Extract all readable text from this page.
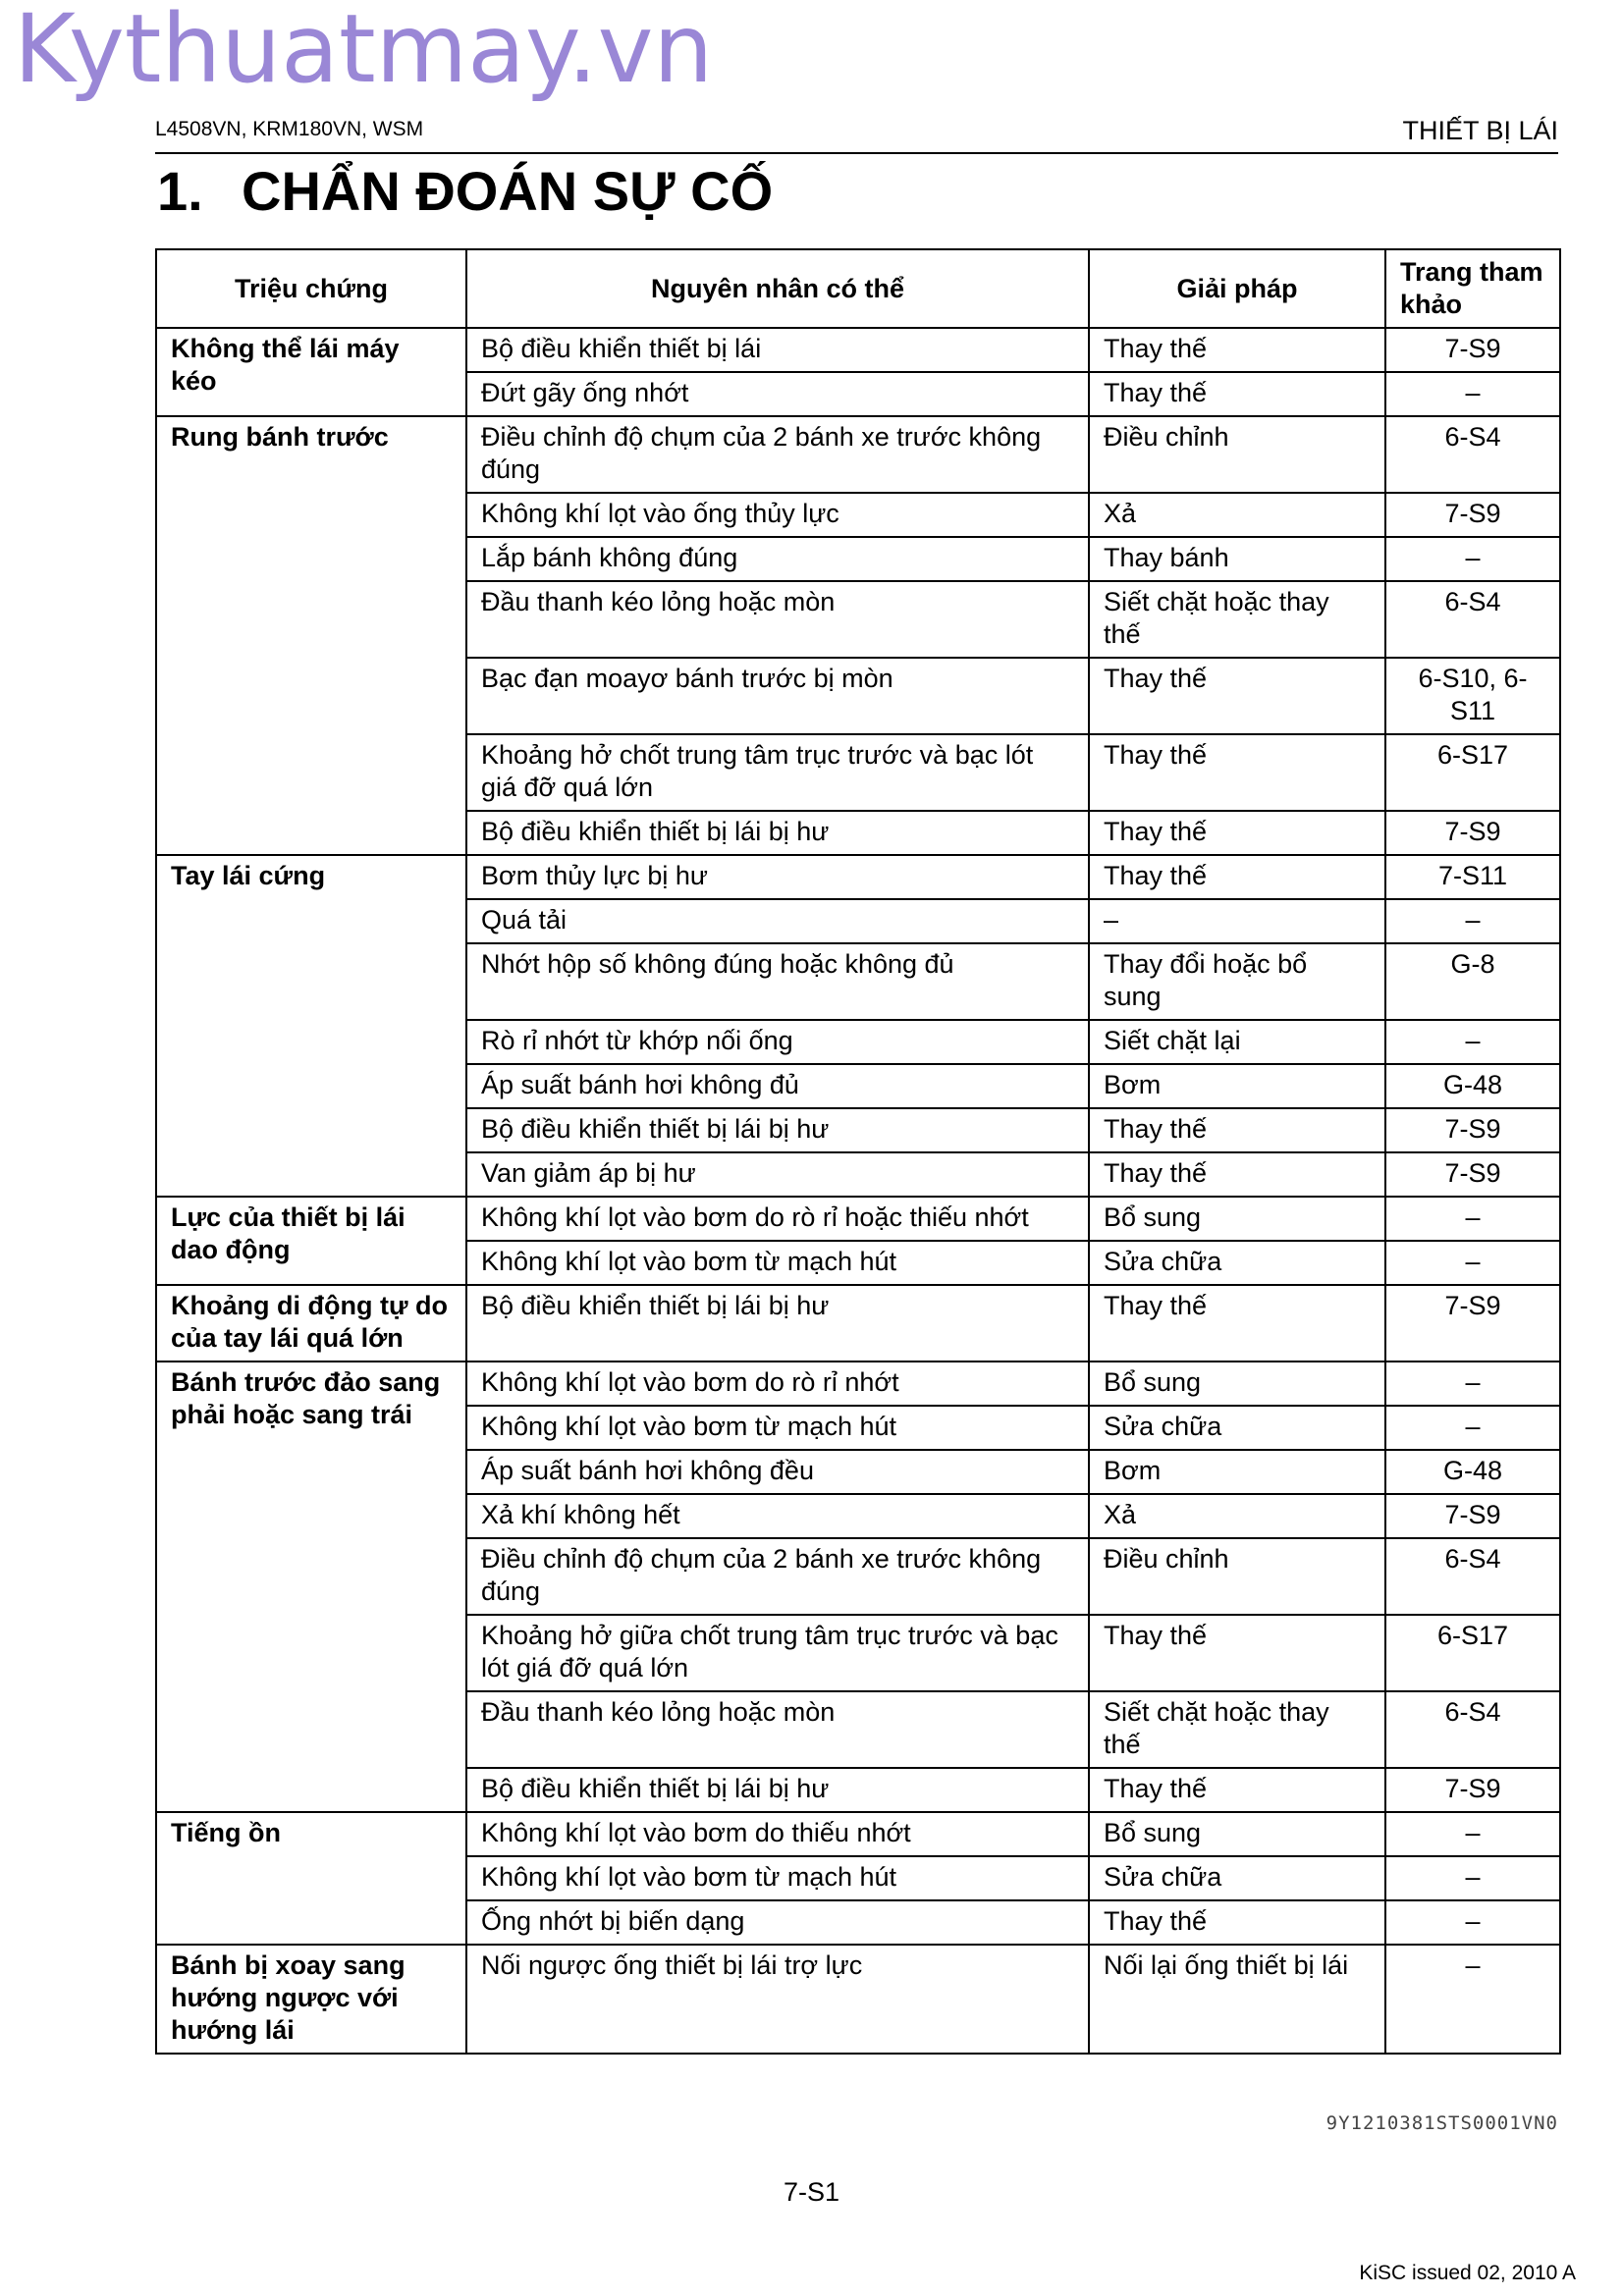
Kythuatmay.vn
L4508VN, KRM180VN, WSM	THIẾT BỊ LÁI
1. CHẨN ĐOÁN SỰ CỐ
Triệu chứng	Nguyên nhân có thể	Giải pháp	Trang tham khảo
Không thể lái máy kéo	Bộ điều khiển thiết bị lái	Thay thế	7-S9
	Đứt gãy ống nhớt	Thay thế	–
Rung bánh trước	Điều chỉnh độ chụm của 2 bánh xe trước không đúng	Điều chỉnh	6-S4
	Không khí lọt vào ống thủy lực	Xả	7-S9
	Lắp bánh không đúng	Thay bánh	–
	Đầu thanh kéo lỏng hoặc mòn	Siết chặt hoặc thay thế	6-S4
	Bạc đạn moayơ bánh trước bị mòn	Thay thế	6-S10, 6-S11
	Khoảng hở chốt trung tâm trục trước và bạc lót giá đỡ quá lớn	Thay thế	6-S17
	Bộ điều khiển thiết bị lái bị hư	Thay thế	7-S9
Tay lái cứng	Bơm thủy lực bị hư	Thay thế	7-S11
	Quá tải	–	–
	Nhớt hộp số không đúng hoặc không đủ	Thay đổi hoặc bổ sung	G-8
	Rò rỉ nhớt từ khớp nối ống	Siết chặt lại	–
	Áp suất bánh hơi không đủ	Bơm	G-48
	Bộ điều khiển thiết bị lái bị hư	Thay thế	7-S9
	Van giảm áp bị hư	Thay thế	7-S9
Lực của thiết bị lái dao động	Không khí lọt vào bơm do rò rỉ hoặc thiếu nhớt	Bổ sung	–
	Không khí lọt vào bơm từ mạch hút	Sửa chữa	–
Khoảng di động tự do của tay lái quá lớn	Bộ điều khiển thiết bị lái bị hư	Thay thế	7-S9
Bánh trước đảo sang phải hoặc sang trái	Không khí lọt vào bơm do rò rỉ nhớt	Bổ sung	–
	Không khí lọt vào bơm từ mạch hút	Sửa chữa	–
	Áp suất bánh hơi không đều	Bơm	G-48
	Xả khí không hết	Xả	7-S9
	Điều chỉnh độ chụm của 2 bánh xe trước không đúng	Điều chỉnh	6-S4
	Khoảng hở giữa chốt trung tâm trục trước và bạc lót giá đỡ quá lớn	Thay thế	6-S17
	Đầu thanh kéo lỏng hoặc mòn	Siết chặt hoặc thay thế	6-S4
	Bộ điều khiển thiết bị lái bị hư	Thay thế	7-S9
Tiếng ồn	Không khí lọt vào bơm do thiếu nhớt	Bổ sung	–
	Không khí lọt vào bơm từ mạch hút	Sửa chữa	–
	Ống nhớt bị biến dạng	Thay thế	–
Bánh bị xoay sang hướng ngược với hướng lái	Nối ngược ống thiết bị lái trợ lực	Nối lại ống thiết bị lái	–
9Y1210381STS0001VN0
7-S1
KiSC issued 02, 2010 A
